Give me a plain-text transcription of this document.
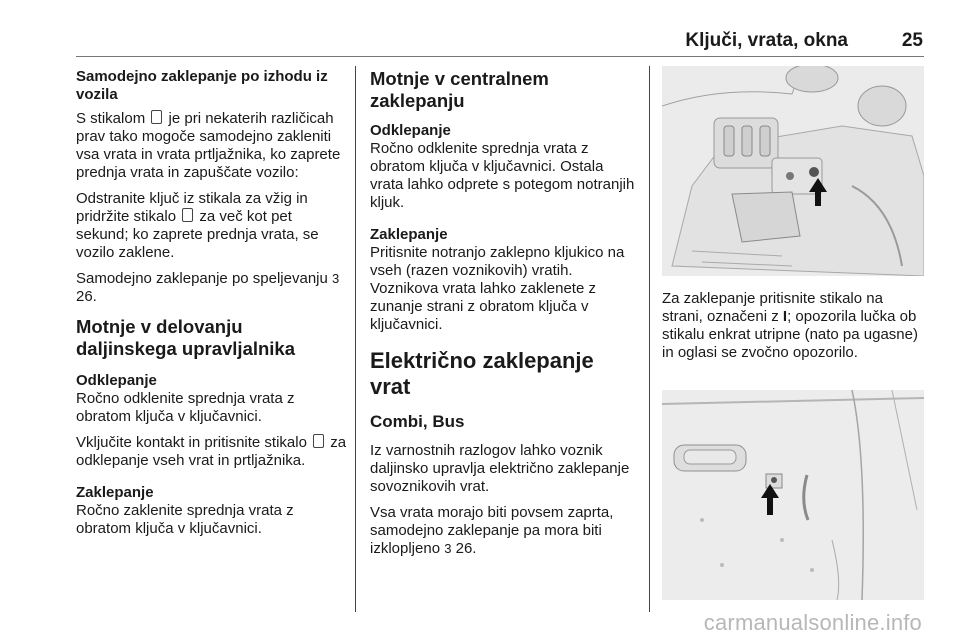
Ključi, vrata, okna	25
Samodejno zaklepanje po izhodu iz vozila

S stikalom je pri nekaterih različicah prav tako mogoče samodejno zakleniti vsa vrata in vrata prtljažnika, ko zaprete prednja vrata in zapuščate vozilo:

Odstranite ključ iz stikala za vžig in pridržite stikalo za več kot pet sekund; ko zaprete prednja vrata, se vozilo zaklene.

Samodejno zaklepanje po speljevanju 3 26.

Motnje v delovanju daljinskega upravljalnika
Odklepanje

Ročno odklenite sprednja vrata z obratom ključa v ključavnici.

Vključite kontakt in pritisnite stikalo za odklepanje vseh vrat in prtljažnika.

Zaklepanje

Ročno zaklenite sprednja vrata z obratom ključa v ključavnici.

Motnje v centralnem zaklepanju
Odklepanje

Ročno odklenite sprednja vrata z obratom ključa v ključavnici. Ostala vrata lahko odprete s potegom notranjih kljuk.

Zaklepanje

Pritisnite notranjo zaklepno kljukico na vseh (razen voznikovih) vratih. Voznikova vrata lahko zaklenete z zunanje strani z obratom ključa v ključavnici.

Električno zaklepanje vrat
Combi, Bus

Iz varnostnih razlogov lahko voznik daljinsko upravlja električno zaklepanje sovoznikovih vrat.

Vsa vrata morajo biti povsem zaprta, samodejno zaklepanje pa mora biti izklopljeno 3 26.

Za zaklepanje pritisnite stikalo na strani, označeni z I; opozorila lučka ob stikalu enkrat utripne (nato pa ugasne) in oglasi se zvočno opozorilo.

carmanualsonline.info
